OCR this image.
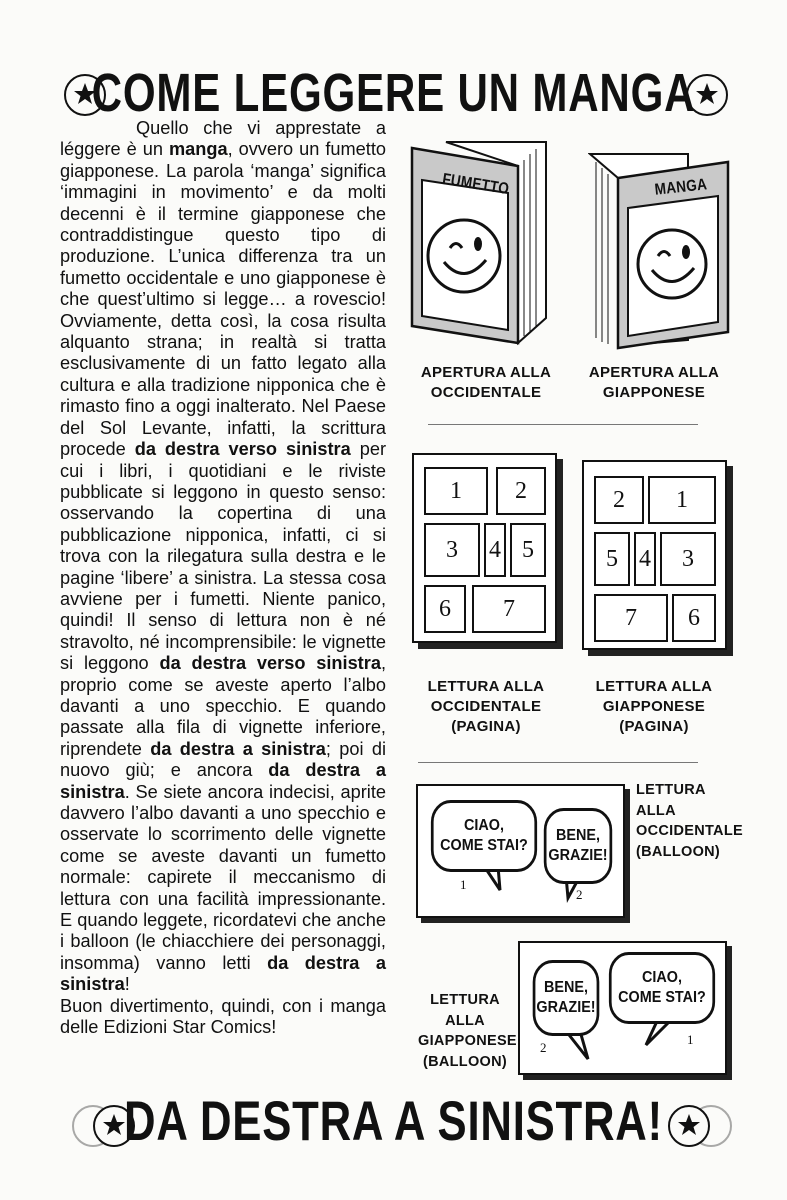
COME LEGGERE UN MANGA

Quello che vi apprestate a léggere è un manga, ovvero un fumetto giapponese. La parola ‘manga’ significa ‘immagini in movimento’ e da molti decenni è il termine giapponese che contraddistingue questo tipo di produzione. L’unica differenza tra un fumetto occidentale e uno giapponese è che quest’ultimo si legge… a rovescio! Ovviamente, detta così, la cosa risulta alquanto strana; in realtà si tratta esclusivamente di un fatto legato alla cultura e alla tradizione nipponica che è rimasto fino a oggi inalterato. Nel Paese del Sol Levante, infatti, la scrittura procede da destra verso sinistra per cui i libri, i quotidiani e le riviste pubblicate si leggono in questo senso: osservando la copertina di una pubblicazione nipponica, infatti, ci si trova con la rilegatura sulla destra e le pagine ‘libere’ a sinistra. La stessa cosa avviene per i fumetti. Niente panico, quindi! Il senso di lettura non è né stravolto, né incomprensibile: le vignette si leggono da destra verso sinistra, proprio come se aveste aperto l’albo davanti a uno specchio. E quando passate alla fila di vignette inferiore, riprendete da destra a sinistra; poi di nuovo giù; e ancora da destra a sinistra. Se siete ancora indecisi, aprite davvero l’albo davanti a uno specchio e osservate lo scorrimento delle vignette come se aveste davanti un fumetto normale: capirete il meccanismo di lettura con una facilità impressionante. E quando leggete, ricordatevi che anche i balloon (le chiacchiere dei personaggi, insomma) vanno letti da destra a sinistra!

Buon divertimento, quindi, con i manga delle Edizioni Star Comics!

FUMETTO	MANGA
APERTURA ALLA
OCCIDENTALE
APERTURA ALLA
GIAPPONESE
1	2
3	4 5
6	7
2	1
5 4	3
7	6
LETTURA ALLA
OCCIDENTALE
(PAGINA)
LETTURA ALLA
GIAPPONESE
(PAGINA)
CIAO,
COME STAI?
BENE,
GRAZIE!
1
2
LETTURA
ALLA
OCCIDENTALE
(BALLOON)
BENE,
GRAZIE!
CIAO,
COME STAI?
2
1
LETTURA
ALLA
GIAPPONESE
(BALLOON)
DA DESTRA A SINISTRA!
